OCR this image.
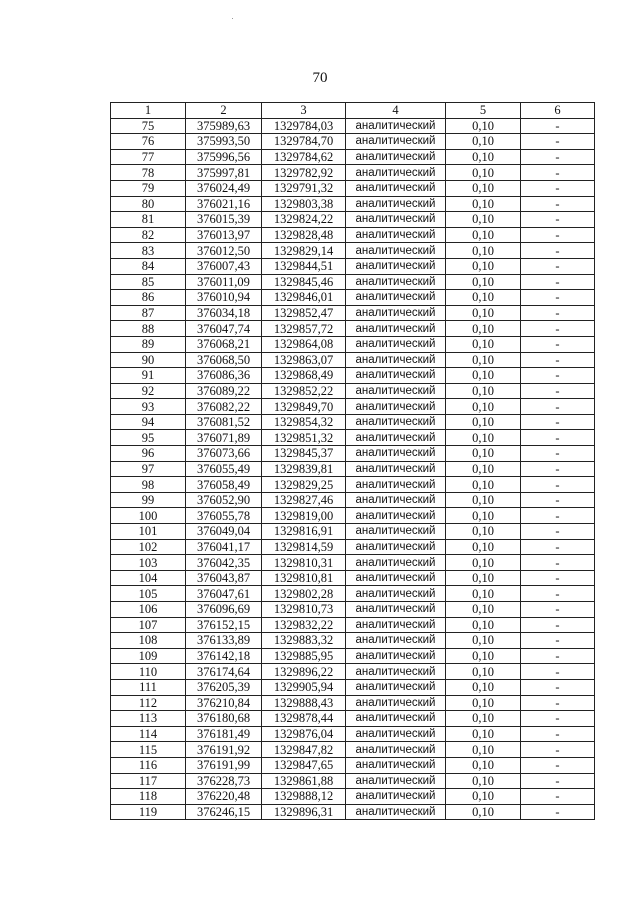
70
1	2	3	4	5	6
75	375989,63	1329784,03	аналитический	0,10	-
76	375993,50	1329784,70	аналитический	0,10	-
77	375996,56	1329784,62	аналитический	0,10	-
78	375997,81	1329782,92	аналитический	0,10	-
79	376024,49	1329791,32	аналитический	0,10	-
80	376021,16	1329803,38	аналитический	0,10	-
81	376015,39	1329824,22	аналитический	0,10	-
82	376013,97	1329828,48	аналитический	0,10	-
83	376012,50	1329829,14	аналитический	0,10	-
84	376007,43	1329844,51	аналитический	0,10	-
85	376011,09	1329845,46	аналитический	0,10	-
86	376010,94	1329846,01	аналитический	0,10	-
87	376034,18	1329852,47	аналитический	0,10	-
88	376047,74	1329857,72	аналитический	0,10	-
89	376068,21	1329864,08	аналитический	0,10	-
90	376068,50	1329863,07	аналитический	0,10	-
91	376086,36	1329868,49	аналитический	0,10	-
92	376089,22	1329852,22	аналитический	0,10	-
93	376082,22	1329849,70	аналитический	0,10	-
94	376081,52	1329854,32	аналитический	0,10	-
95	376071,89	1329851,32	аналитический	0,10	-
96	376073,66	1329845,37	аналитический	0,10	-
97	376055,49	1329839,81	аналитический	0,10	-
98	376058,49	1329829,25	аналитический	0,10	-
99	376052,90	1329827,46	аналитический	0,10	-
100	376055,78	1329819,00	аналитический	0,10	-
101	376049,04	1329816,91	аналитический	0,10	-
102	376041,17	1329814,59	аналитический	0,10	-
103	376042,35	1329810,31	аналитический	0,10	-
104	376043,87	1329810,81	аналитический	0,10	-
105	376047,61	1329802,28	аналитический	0,10	-
106	376096,69	1329810,73	аналитический	0,10	-
107	376152,15	1329832,22	аналитический	0,10	-
108	376133,89	1329883,32	аналитический	0,10	-
109	376142,18	1329885,95	аналитический	0,10	-
110	376174,64	1329896,22	аналитический	0,10	-
111	376205,39	1329905,94	аналитический	0,10	-
112	376210,84	1329888,43	аналитический	0,10	-
113	376180,68	1329878,44	аналитический	0,10	-
114	376181,49	1329876,04	аналитический	0,10	-
115	376191,92	1329847,82	аналитический	0,10	-
116	376191,99	1329847,65	аналитический	0,10	-
117	376228,73	1329861,88	аналитический	0,10	-
118	376220,48	1329888,12	аналитический	0,10	-
119	376246,15	1329896,31	аналитический	0,10	-
